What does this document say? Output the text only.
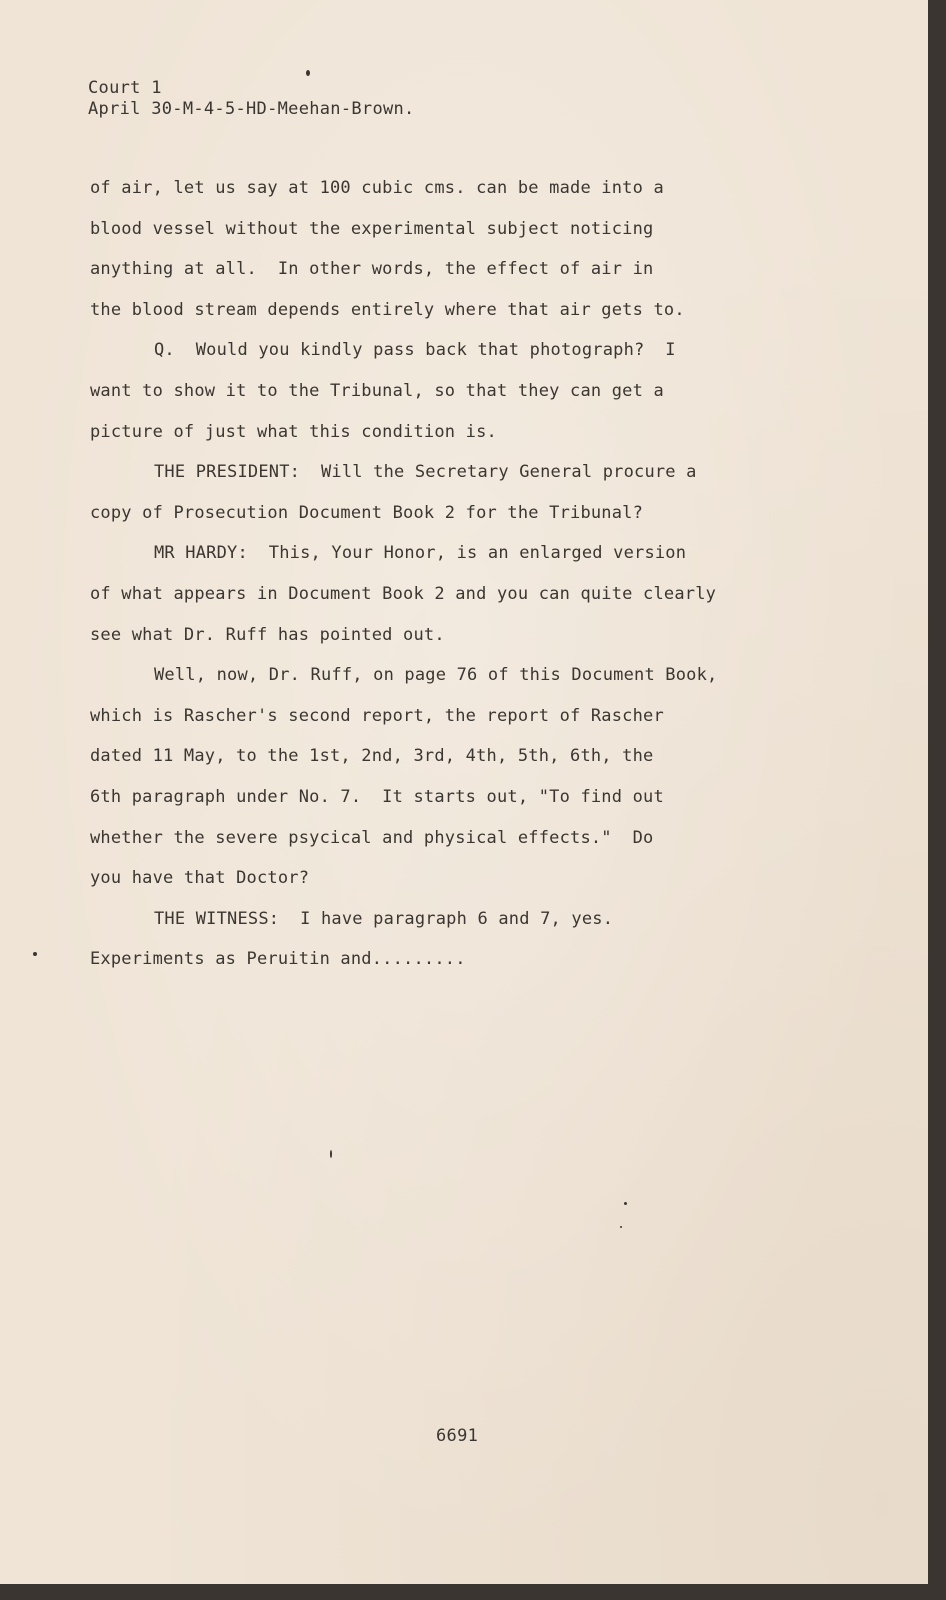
Court 1
April 30-M-4-5-HD-Meehan-Brown.
of air, let us say at 100 cubic cms. can be made into a
blood vessel without the experimental subject noticing
anything at all.  In other words, the effect of air in
the blood stream depends entirely where that air gets to.
Q.  Would you kindly pass back that photograph?  I
want to show it to the Tribunal, so that they can get a
picture of just what this condition is.
THE PRESIDENT:  Will the Secretary General procure a
copy of Prosecution Document Book 2 for the Tribunal?
MR HARDY:  This, Your Honor, is an enlarged version
of what appears in Document Book 2 and you can quite clearly
see what Dr. Ruff has pointed out.
Well, now, Dr. Ruff, on page 76 of this Document Book,
which is Rascher's second report, the report of Rascher
dated 11 May, to the 1st, 2nd, 3rd, 4th, 5th, 6th, the
6th paragraph under No. 7.  It starts out, "To find out
whether the severe psycical and physical effects."  Do
you have that Doctor?
THE WITNESS:  I have paragraph 6 and 7, yes.
Experiments as Peruitin and.........
6691
